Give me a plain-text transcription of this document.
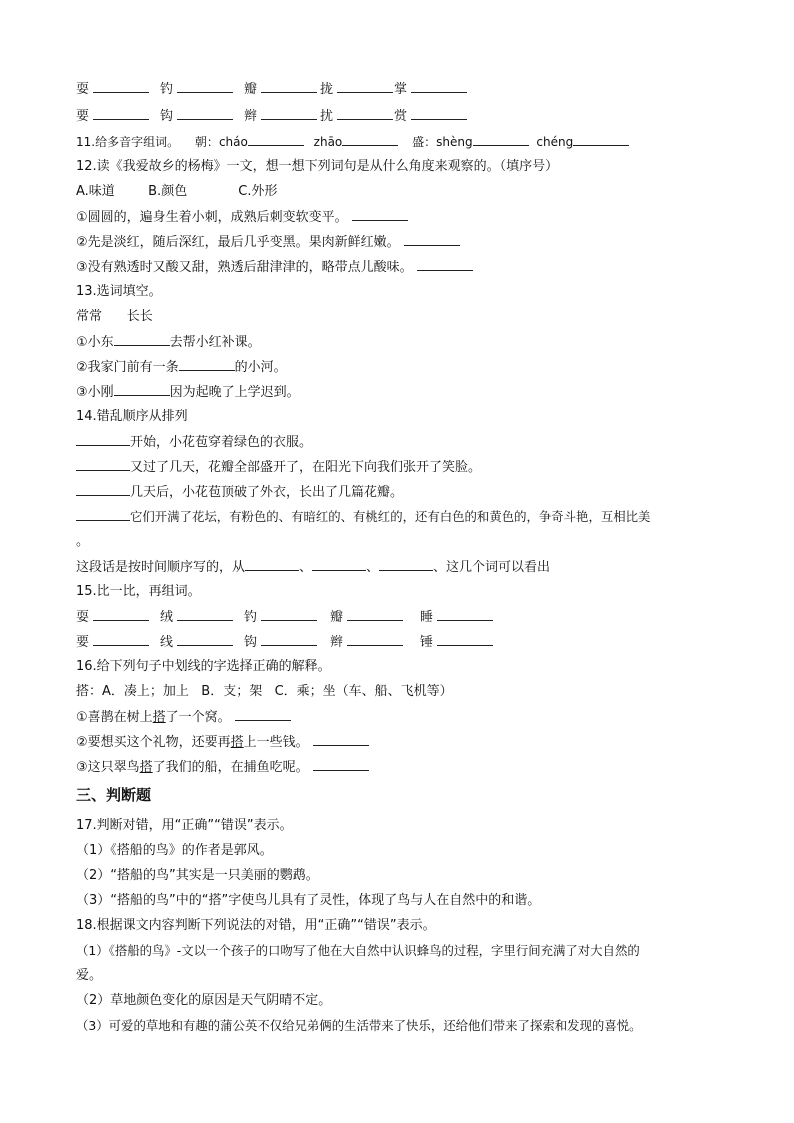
耍	钓	瓣	拢	掌
要	钩	辫	扰	赏
11.给多音字组词。 朝：cháo	zhāo	盛：shèng	chéng
12.读《我爱故乡的杨梅》一文，想一想下列词句是从什么角度来观察的。（填序号）
A.味道	B.颜色	C.外形
①圆圆的，遍身生着小刺，成熟后刺变软变平。
②先是淡红，随后深红，最后几乎变黑。果肉新鲜红嫩。
③没有熟透时又酸又甜，熟透后甜津津的，略带点儿酸味。
13.选词填空。
常常      长长
①小东	去帮小红补课。
②我家门前有一条	的小河。
③小刚	因为起晚了上学迟到。
14.错乱顺序从排列
开始，小花苞穿着绿色的衣服。
又过了几天，花瓣全部盛开了，在阳光下向我们张开了笑脸。
几天后，小花苞顶破了外衣，长出了几篇花瓣。
它们开满了花坛，有粉色的、有暗红的、有桃红的，还有白色的和黄色的，争奇斗艳，互相比美
。
这段话是按时间顺序写的，从	、	、	、这几个词可以看出
15.比一比，再组词。
耍	绒	钓	瓣	睡
要	线	钩	辫	锤
16.给下列句子中划线的字选择正确的解释。
搭：A．凑上；加上   B．支；架   C．乘；坐（车、船、飞机等）
①喜鹊在树上搭了一个窝。
②要想买这个礼物，还要再搭上一些钱。
③这只翠鸟搭了我们的船，在捕鱼吃呢。
三、判断题
17.判断对错，用“正确”“错误”表示。
（1）《搭船的鸟》的作者是郭风。
（2）“搭船的鸟”其实是一只美丽的鹦鹉。
（3）“搭船的鸟”中的“搭”字使鸟儿具有了灵性，体现了鸟与人在自然中的和谐。
18.根据课文内容判断下列说法的对错，用“正确”“错误”表示。
（1）《搭船的鸟》-文以一个孩子的口吻写了他在大自然中认识蜂鸟的过程，字里行间充满了对大自然的
爱。
（2）草地颜色变化的原因是天气阴晴不定。
（3）可爱的草地和有趣的蒲公英不仅给兄弟俩的生活带来了快乐，还给他们带来了探索和发现的喜悦。
